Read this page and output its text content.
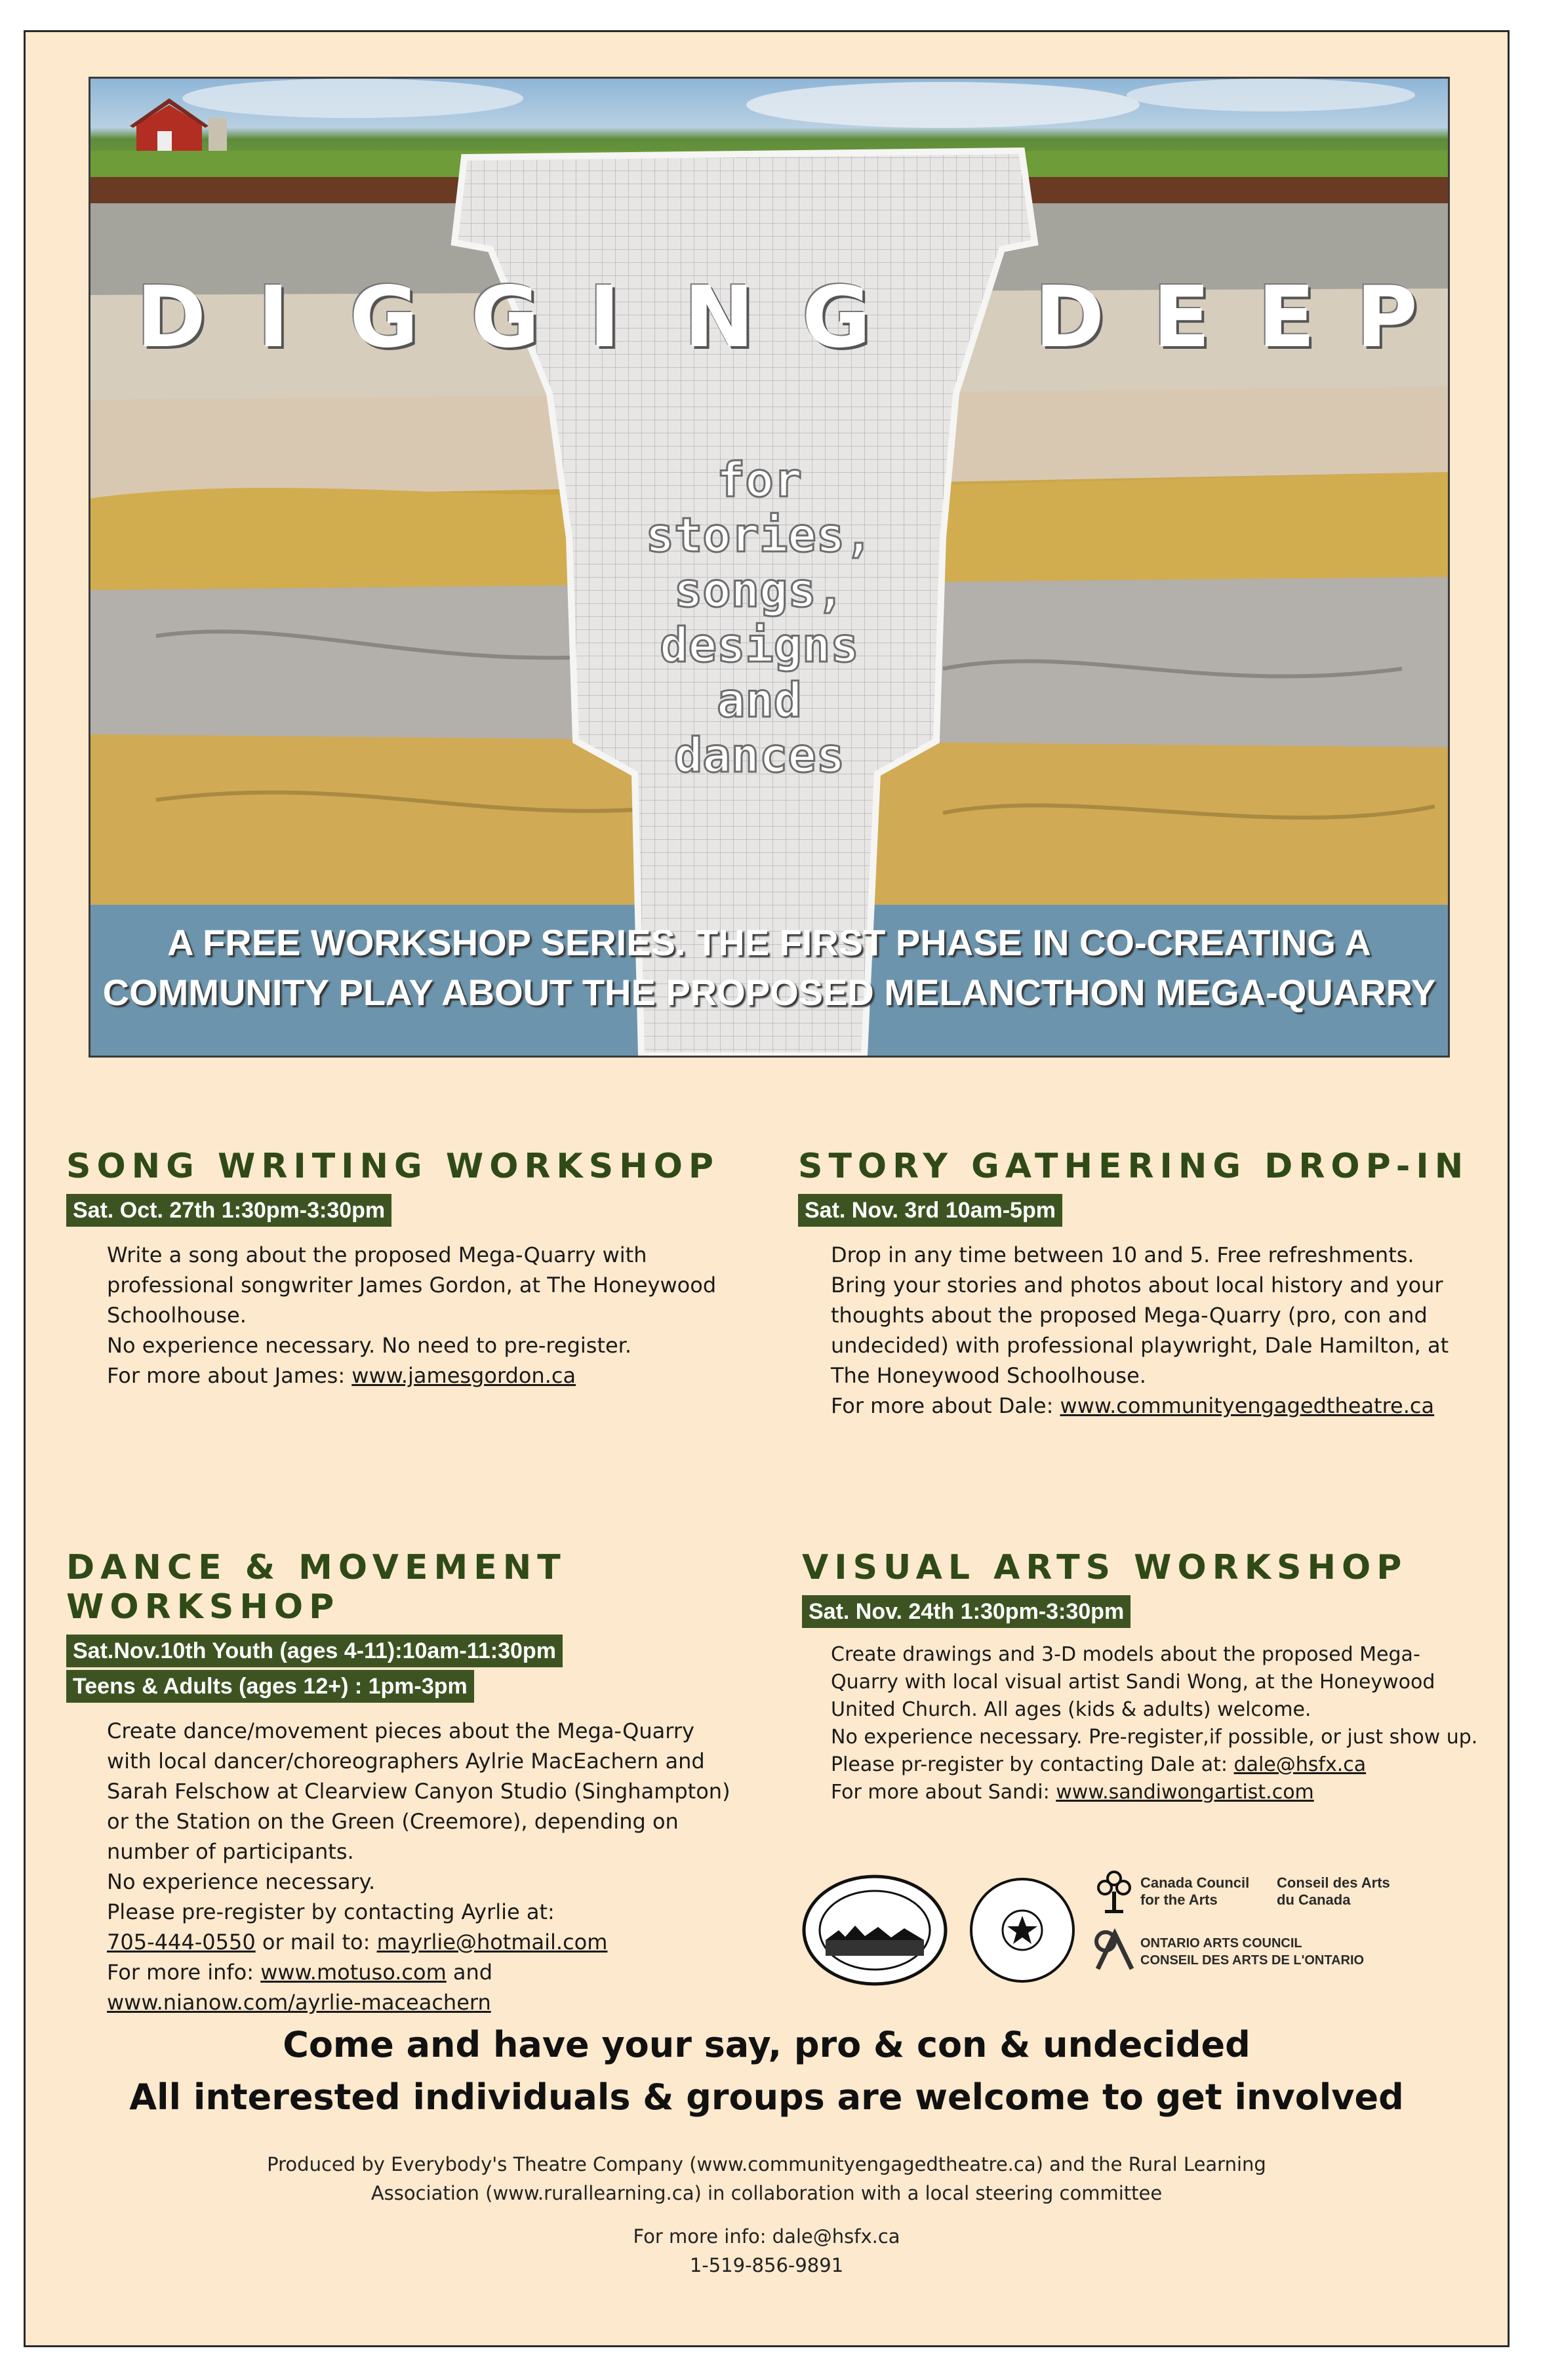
D I G G I N G D E E P
for
stories,
songs,
designs
and
dances
A FREE WORKSHOP SERIES. THE FIRST PHASE IN CO-CREATING A
COMMUNITY PLAY ABOUT THE PROPOSED MELANCTHON MEGA-QUARRY
SONG WRITING WORKSHOP
Sat. Oct. 27th 1:30pm-3:30pm
Write a song about the proposed Mega-Quarry with
professional songwriter James Gordon, at The Honeywood
Schoolhouse.
No experience necessary. No need to pre-register.
For more about James: www.jamesgordon.ca
STORY GATHERING DROP-IN
Sat. Nov. 3rd 10am-5pm
Drop in any time between 10 and 5. Free refreshments.
Bring your stories and photos about local history and your
thoughts about the proposed Mega-Quarry (pro, con and
undecided) with professional playwright, Dale Hamilton, at
The Honeywood Schoolhouse.
For more about Dale: www.communityengagedtheatre.ca
DANCE & MOVEMENT WORKSHOP
Sat.Nov.10th Youth (ages 4-11):10am-11:30pm
Teens & Adults (ages 12+) : 1pm-3pm
Create dance/movement pieces about the Mega-Quarry
with local dancer/choreographers Aylrie MacEachern and
Sarah Felschow at Clearview Canyon Studio (Singhampton)
or the Station on the Green (Creemore), depending on
number of participants.
No experience necessary.
Please pre-register by contacting Ayrlie at:
705-444-0550 or mail to: mayrlie@hotmail.com
For more info: www.motuso.com and
www.nianow.com/ayrlie-maceachern
VISUAL ARTS WORKSHOP
Sat. Nov. 24th 1:30pm-3:30pm
Create drawings and 3-D models about the proposed Mega-
Quarry with local visual artist Sandi Wong, at the Honeywood
United Church. All ages (kids & adults) welcome.
No experience necessary. Pre-register,if possible, or just show up.
Please pr-register by contacting Dale at: dale@hsfx.ca
For more about Sandi: www.sandiwongartist.com
Canada Council
for the Arts
Conseil des Arts
du Canada
ONTARIO ARTS COUNCIL
CONSEIL DES ARTS DE L'ONTARIO
Come and have your say, pro & con & undecided
All interested individuals & groups are welcome to get involved
Produced by Everybody's Theatre Company (www.communityengagedtheatre.ca) and the Rural Learning
Association (www.rurallearning.ca) in collaboration with a local steering committee
For more info: dale@hsfx.ca
1-519-856-9891
